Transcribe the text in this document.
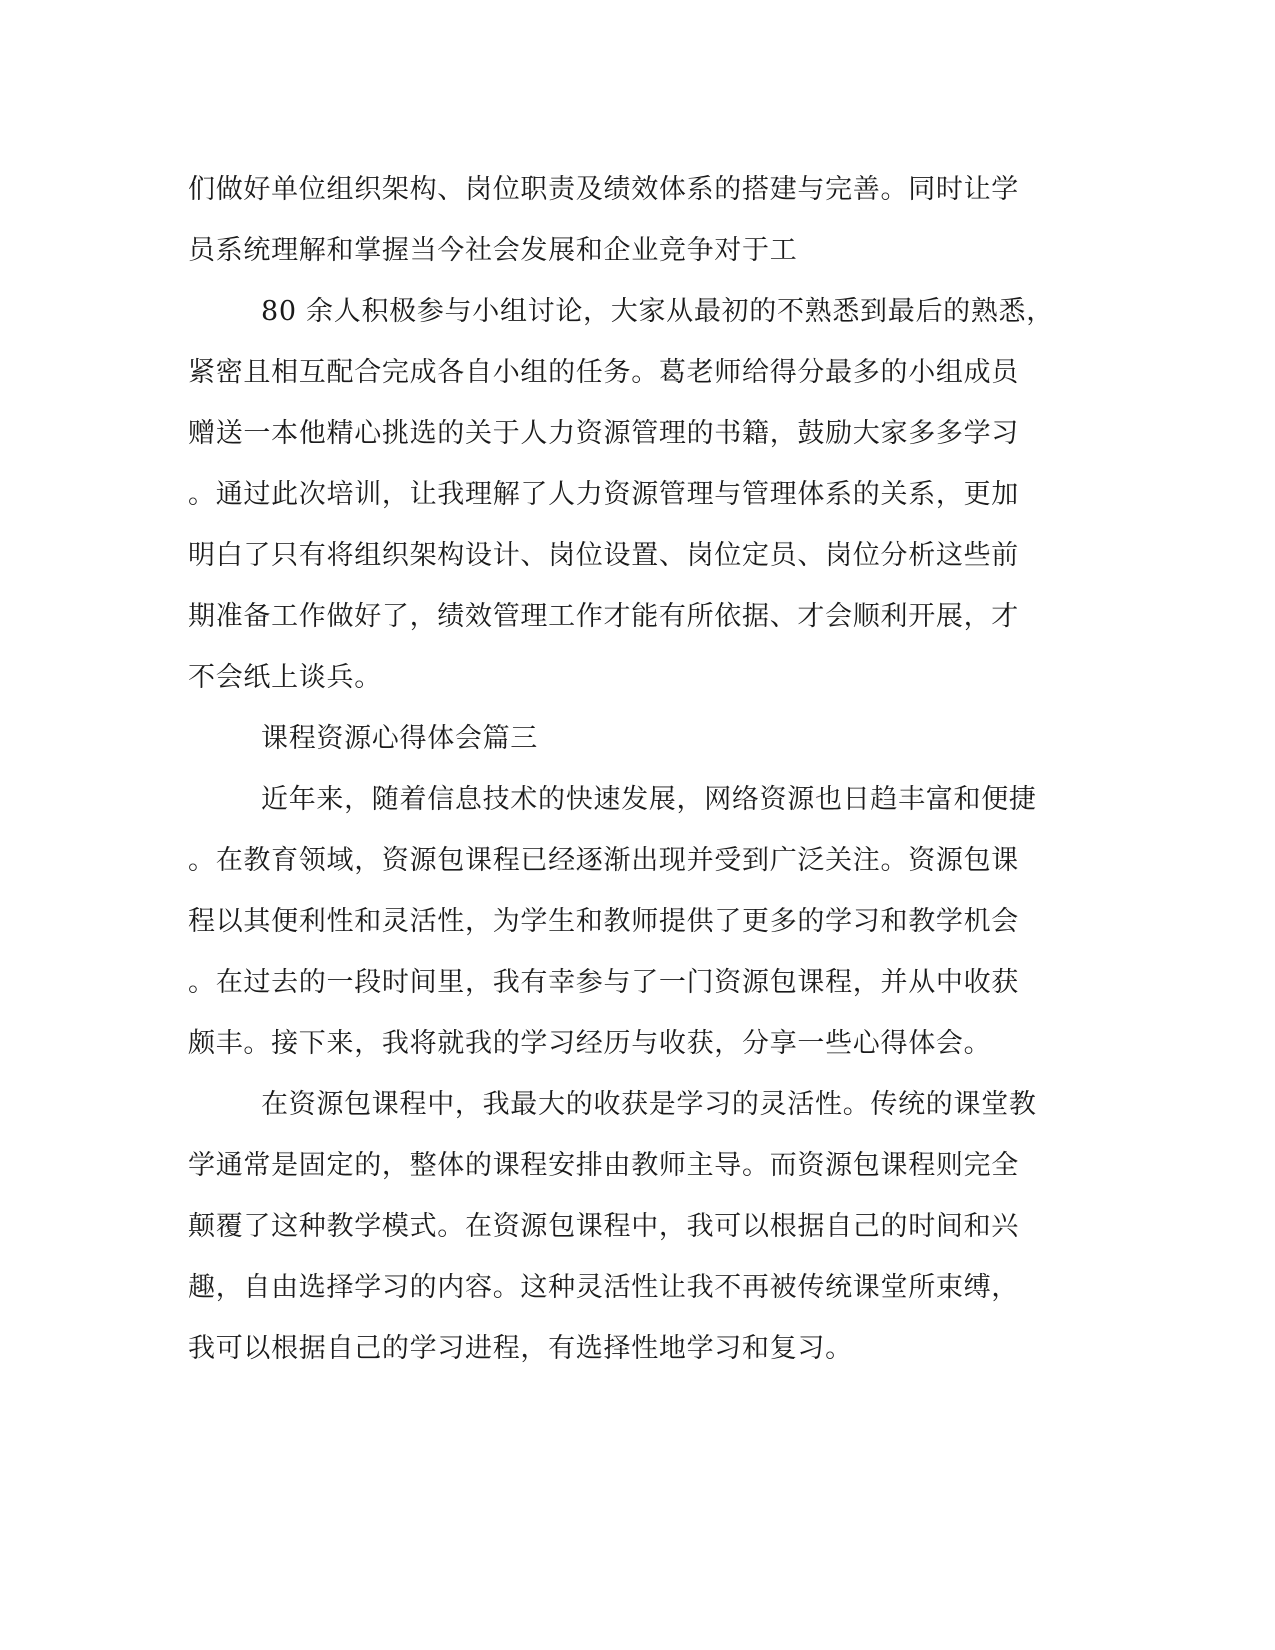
们做好单位组织架构、岗位职责及绩效体系的搭建与完善。同时让学
员系统理解和掌握当今社会发展和企业竞争对于工
80 余人积极参与小组讨论，大家从最初的不熟悉到最后的熟悉，
紧密且相互配合完成各自小组的任务。葛老师给得分最多的小组成员
赠送一本他精心挑选的关于人力资源管理的书籍，鼓励大家多多学习
。通过此次培训，让我理解了人力资源管理与管理体系的关系，更加
明白了只有将组织架构设计、岗位设置、岗位定员、岗位分析这些前
期准备工作做好了，绩效管理工作才能有所依据、才会顺利开展，才
不会纸上谈兵。
课程资源心得体会篇三
近年来，随着信息技术的快速发展，网络资源也日趋丰富和便捷
。在教育领域，资源包课程已经逐渐出现并受到广泛关注。资源包课
程以其便利性和灵活性，为学生和教师提供了更多的学习和教学机会
。在过去的一段时间里，我有幸参与了一门资源包课程，并从中收获
颇丰。接下来，我将就我的学习经历与收获，分享一些心得体会。
在资源包课程中，我最大的收获是学习的灵活性。传统的课堂教
学通常是固定的，整体的课程安排由教师主导。而资源包课程则完全
颠覆了这种教学模式。在资源包课程中，我可以根据自己的时间和兴
趣，自由选择学习的内容。这种灵活性让我不再被传统课堂所束缚，
我可以根据自己的学习进程，有选择性地学习和复习。
